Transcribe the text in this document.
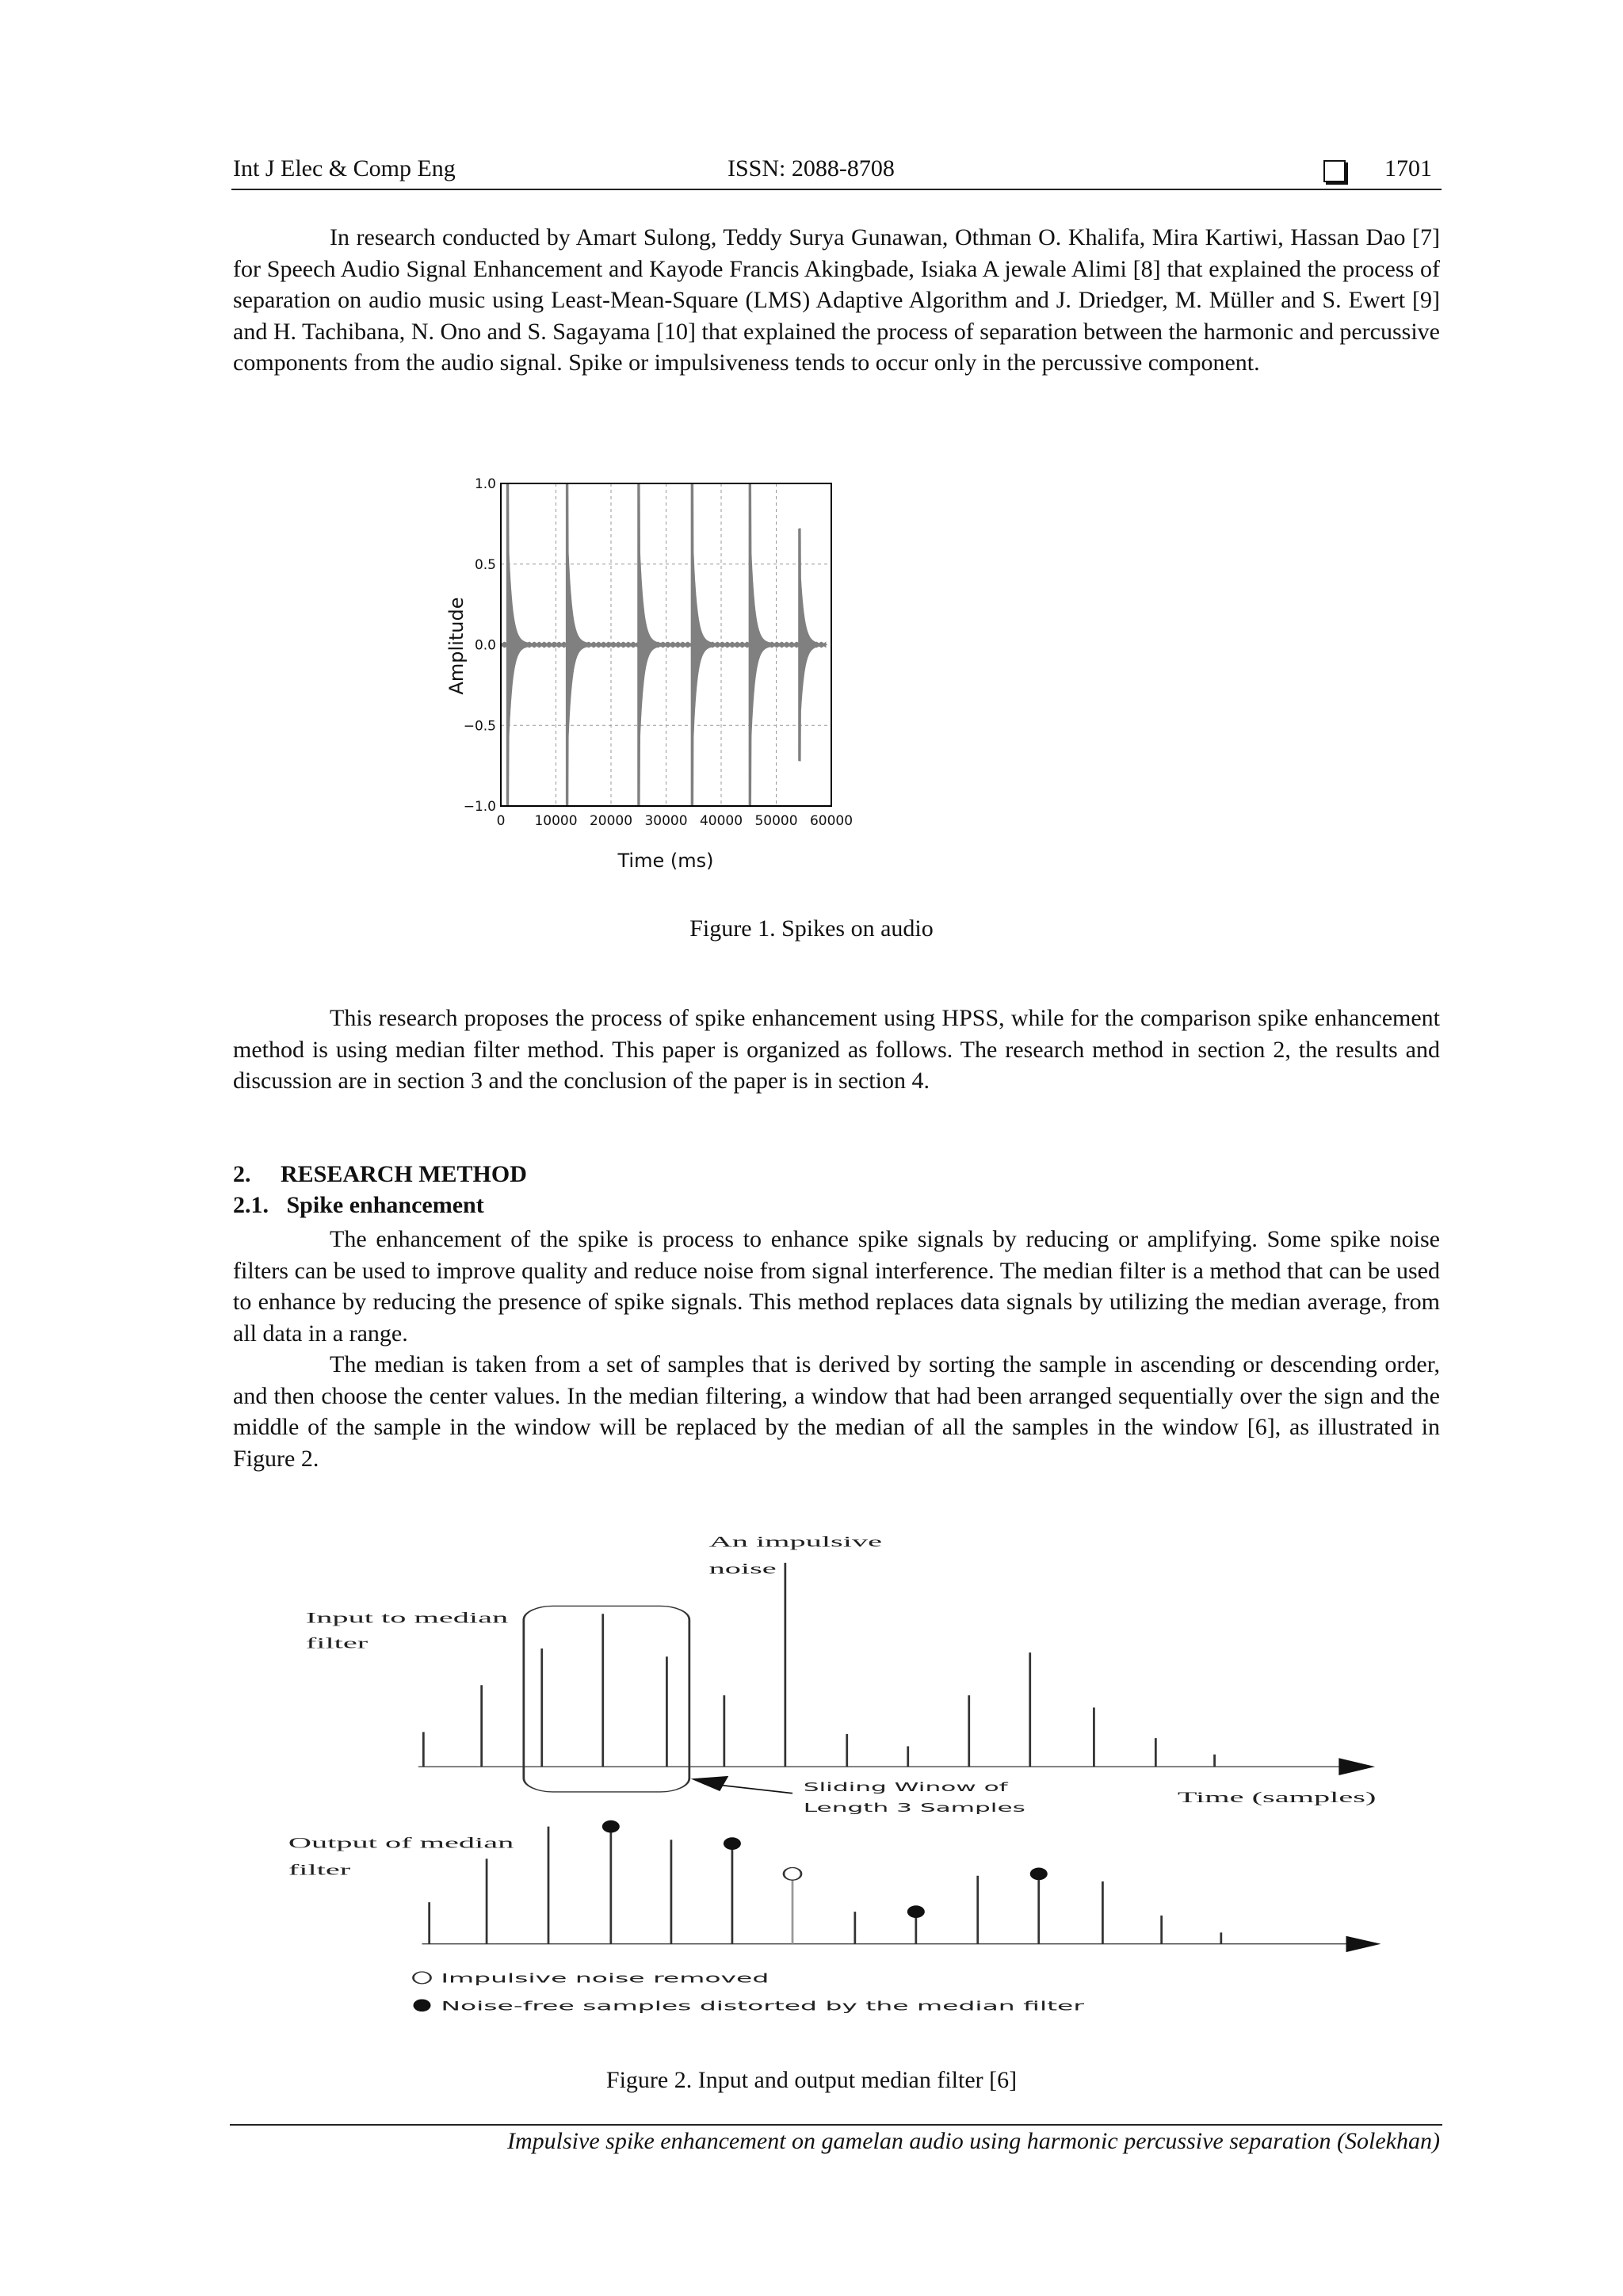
Int J Elec & Comp Eng	ISSN: 2088-8708	1701

In research conducted by Amart Sulong, Teddy Surya Gunawan, Othman O. Khalifa, Mira Kartiwi, Hassan Dao [7] for Speech Audio Signal Enhancement and Kayode Francis Akingbade, Isiaka A jewale Alimi [8] that explained the process of separation on audio music using Least-Mean-Square (LMS) Adaptive Algorithm and J. Driedger, M. Müller and S. Ewert [9] and H. Tachibana, N. Ono and S. Sagayama [10] that explained the process of separation between the harmonic and percussive components from the audio signal. Spike or impulsiveness tends to occur only in the percussive component.

0 10000 20000 30000 40000 50000 60000
1.0
0.5
0.0
−0.5
−1.0
Time (ms)
Amplitude
Figure 1. Spikes on audio

This research proposes the process of spike enhancement using HPSS, while for the comparison spike enhancement method is using median filter method. This paper is organized as follows. The research method in section 2, the results and discussion are in section 3 and the conclusion of the paper is in section 4.

2.     RESEARCH METHOD
2.1.   Spike enhancement

The enhancement of the spike is process to enhance spike signals by reducing or amplifying. Some spike noise filters can be used to improve quality and reduce noise from signal interference. The median filter is a method that can be used to enhance by reducing the presence of spike signals. This method replaces data signals by utilizing the median average, from all data in a range.

The median is taken from a set of samples that is derived by sorting the sample in ascending or descending order, and then choose the center values. In the median filtering, a window that had been arranged sequentially over the sign and the middle of the sample in the window will be replaced by the median of all the samples in the window [6], as illustrated in Figure 2.

An impulsive
noise
Input to median
filter
Output of median
filter
Time (samples)
Sliding Winow of
Length 3 Samples
Impulsive noise removed
Noise-free samples distorted by the median filter
Figure 2. Input and output median filter [6]
Impulsive spike enhancement on gamelan audio using harmonic percussive separation (Solekhan)
